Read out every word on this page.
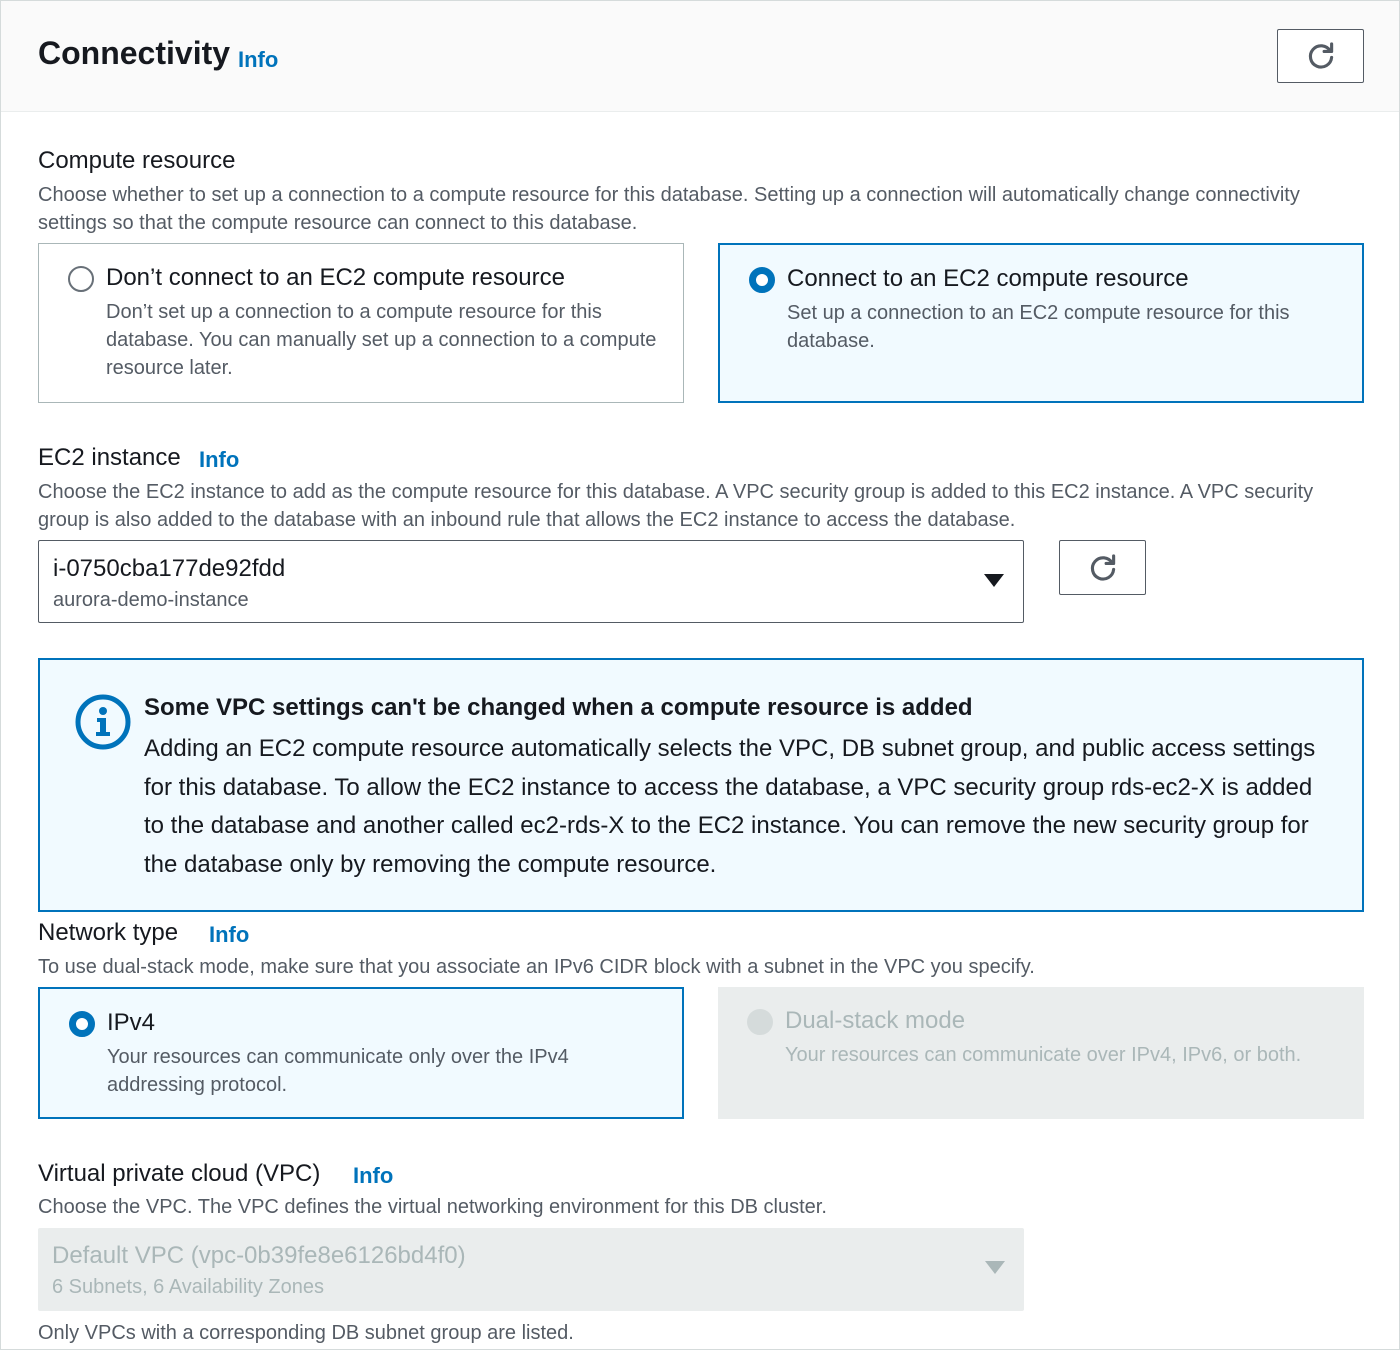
Connectivity Info
Compute resource
Choose whether to set up a connection to a compute resource for this database. Setting up a connection will automatically change connectivity settings so that the compute resource can connect to this database.
Don’t connect to an EC2 compute resource
Don’t set up a connection to a compute resource for this database. You can manually set up a connection to a compute resource later.
Connect to an EC2 compute resource
Set up a connection to an EC2 compute resource for this database.
EC2 instance Info
Choose the EC2 instance to add as the compute resource for this database. A VPC security group is added to this EC2 instance. A VPC security group is also added to the database with an inbound rule that allows the EC2 instance to access the database.
i-0750cba177de92fdd
aurora-demo-instance
Some VPC settings can't be changed when a compute resource is added
Adding an EC2 compute resource automatically selects the VPC, DB subnet group, and public access settings for this database. To allow the EC2 instance to access the database, a VPC security group rds-ec2-X is added to the database and another called ec2-rds-X to the EC2 instance. You can remove the new security group for the database only by removing the compute resource.
Network type Info
To use dual-stack mode, make sure that you associate an IPv6 CIDR block with a subnet in the VPC you specify.
IPv4
Your resources can communicate only over the IPv4 addressing protocol.
Dual-stack mode
Your resources can communicate over IPv4, IPv6, or both.
Virtual private cloud (VPC) Info
Choose the VPC. The VPC defines the virtual networking environment for this DB cluster.
Default VPC (vpc-0b39fe8e6126bd4f0)
6 Subnets, 6 Availability Zones
Only VPCs with a corresponding DB subnet group are listed.
